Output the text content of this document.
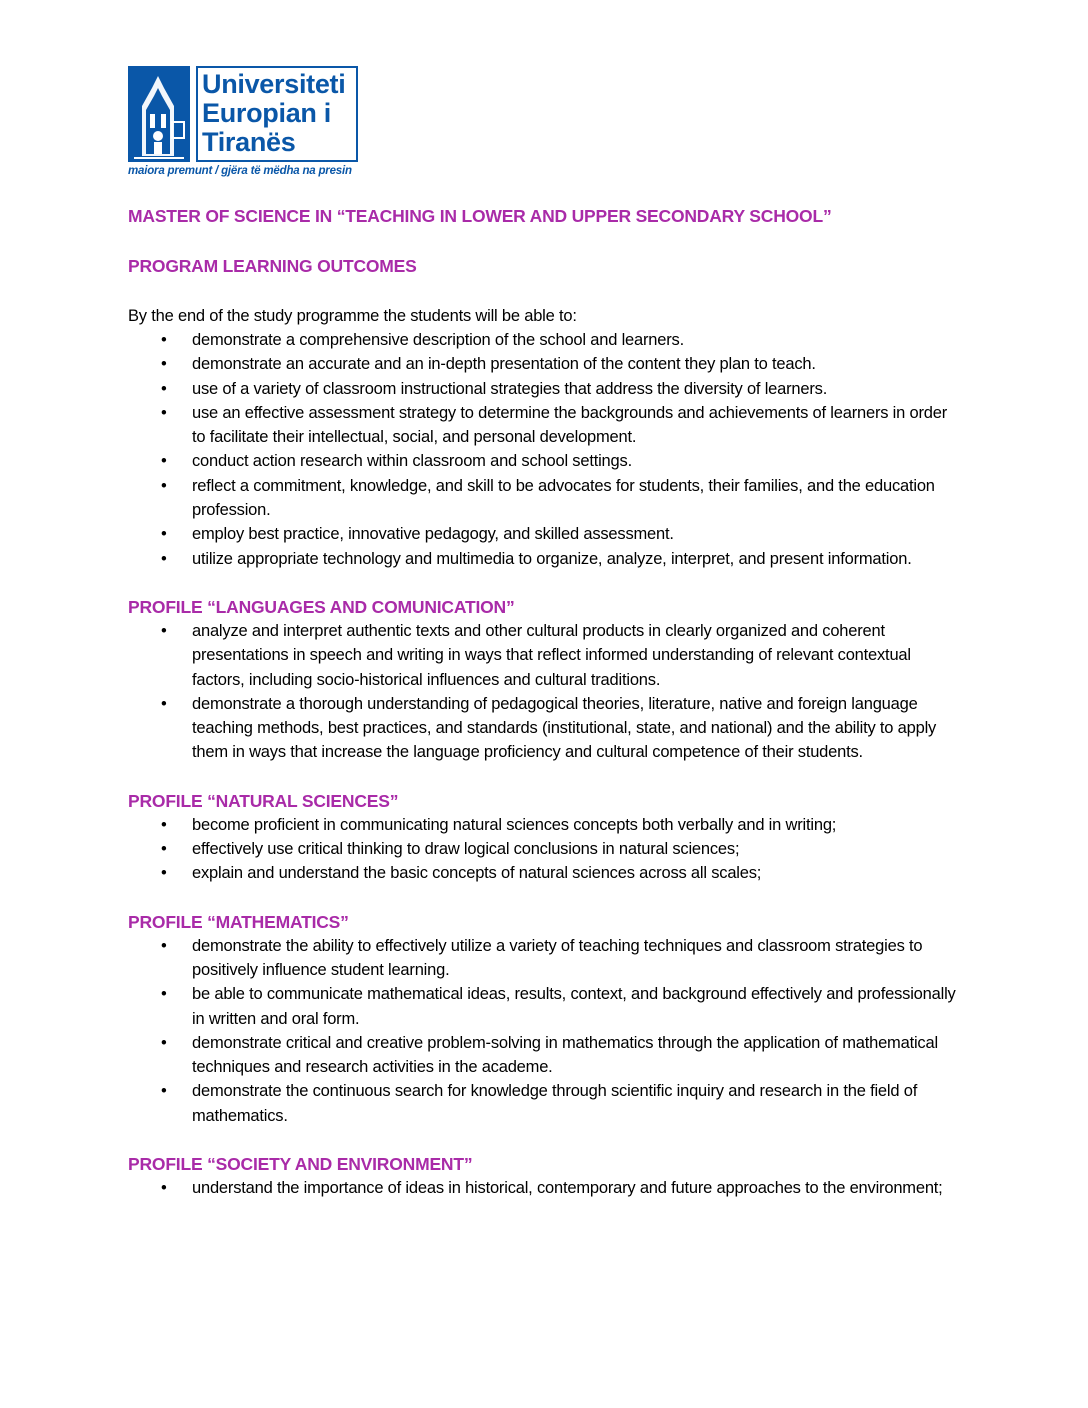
Universiteti
Europian i
Tiranës
maiora premunt / gjëra të mëdha na presin
MASTER OF SCIENCE IN “TEACHING IN LOWER AND UPPER SECONDARY SCHOOL”
PROGRAM LEARNING OUTCOMES

By the end of the study programme the students will be able to:

• demonstrate a comprehensive description of the school and learners.
• demonstrate an accurate and an in-depth presentation of the content they plan to teach.
• use of a variety of classroom instructional strategies that address the diversity of learners.
• use an effective assessment strategy to determine the backgrounds and achievements of learners in order to facilitate their intellectual, social, and personal development.
• conduct action research within classroom and school settings.
• reflect a commitment, knowledge, and skill to be advocates for students, their families, and the education profession.
• employ best practice, innovative pedagogy, and skilled assessment.
• utilize appropriate technology and multimedia to organize, analyze, interpret, and present information.
PROFILE “LANGUAGES AND COMUNICATION”
• analyze and interpret authentic texts and other cultural products in clearly organized and coherent presentations in speech and writing in ways that reflect informed understanding of relevant contextual factors, including socio-historical influences and cultural traditions.
• demonstrate a thorough understanding of pedagogical theories, literature, native and foreign language teaching methods, best practices, and standards (institutional, state, and national) and the ability to apply them in ways that increase the language proficiency and cultural competence of their students.
PROFILE “NATURAL SCIENCES”
• become proficient in communicating natural sciences concepts both verbally and in writing;
• effectively use critical thinking to draw logical conclusions in natural sciences;
• explain and understand the basic concepts of natural sciences across all scales;
PROFILE “MATHEMATICS”
• demonstrate the ability to effectively utilize a variety of teaching techniques and classroom strategies to positively influence student learning.
• be able to communicate mathematical ideas, results, context, and background effectively and professionally in written and oral form.
• demonstrate critical and creative problem-solving in mathematics through the application of mathematical techniques and research activities in the academe.
• demonstrate the continuous search for knowledge through scientific inquiry and research in the field of mathematics.
PROFILE “SOCIETY AND ENVIRONMENT”
• understand the importance of ideas in historical, contemporary and future approaches to the environment;
